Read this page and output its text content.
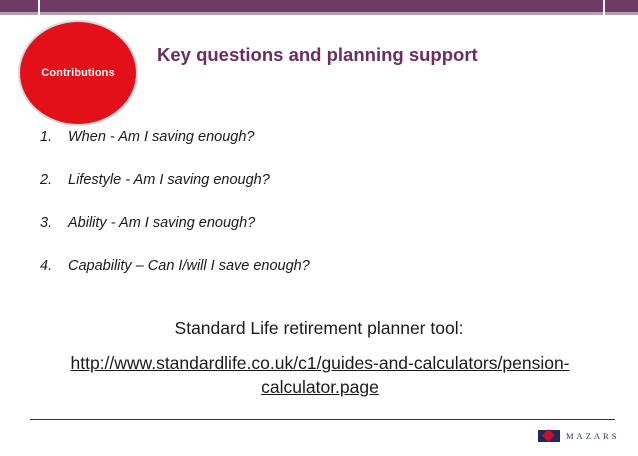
Contributions
Key questions and planning support
1.	When - Am I saving enough?
2.	Lifestyle - Am I saving enough?
3.	Ability - Am I saving enough?
4.	Capability – Can I/will I save enough?
Standard Life retirement planner tool:
http://www.standardlife.co.uk/c1/guides-and-calculators/pension-
calculator.page
MAZARS
